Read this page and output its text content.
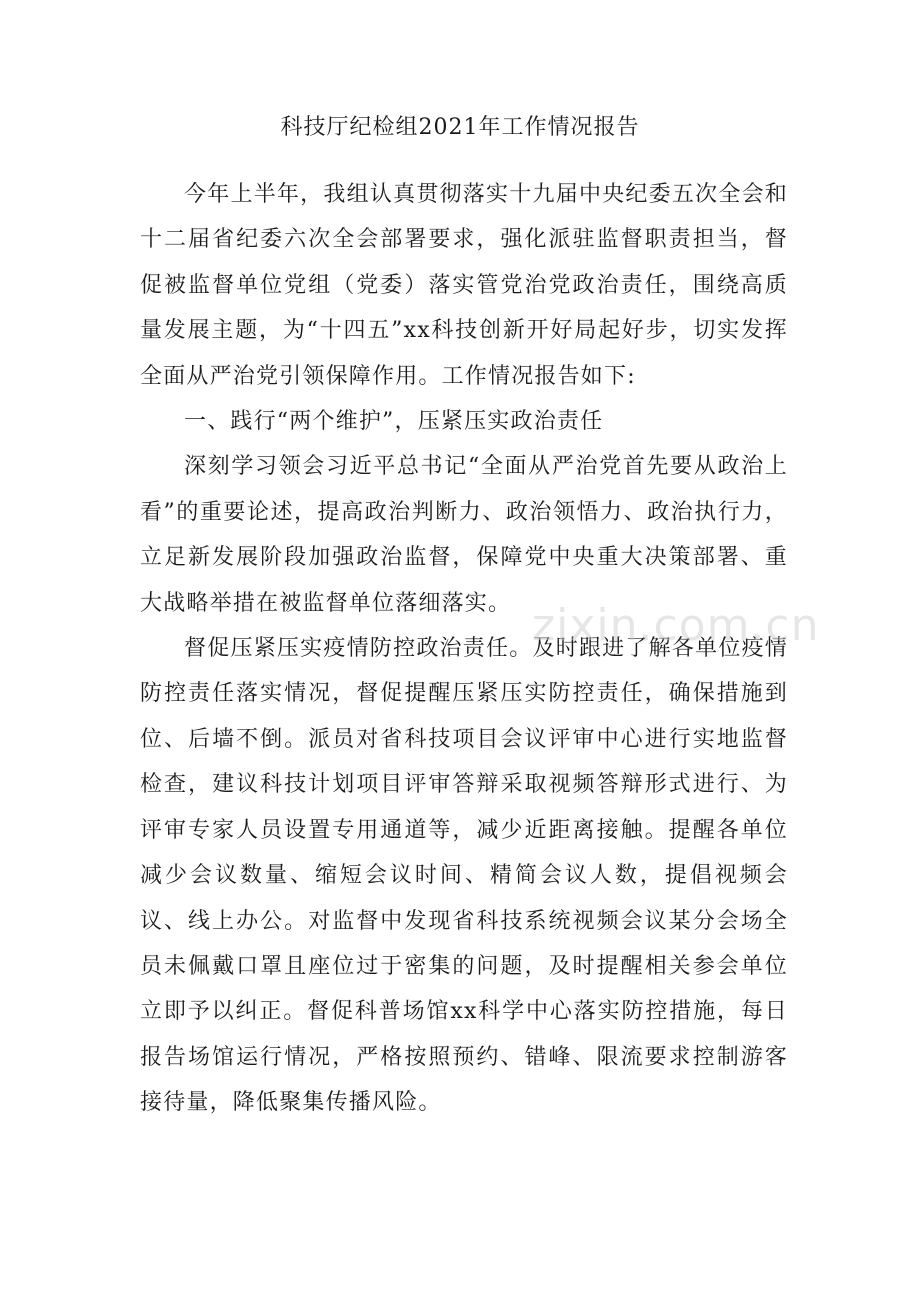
科技厅纪检组2021年工作情况报告

今年上半年，我组认真贯彻落实十九届中央纪委五次全会和十二届省纪委六次全会部署要求，强化派驻监督职责担当，督促被监督单位党组（党委）落实管党治党政治责任，围绕高质量发展主题，为“十四五”xx科技创新开好局起好步，切实发挥全面从严治党引领保障作用。工作情况报告如下:

一、践行“两个维护”，压紧压实政治责任

深刻学习领会习近平总书记“全面从严治党首先要从政治上看”的重要论述，提高政治判断力、政治领悟力、政治执行力，立足新发展阶段加强政治监督，保障党中央重大决策部署、重大战略举措在被监督单位落细落实。

督促压紧压实疫情防控政治责任。及时跟进了解各单位疫情防控责任落实情况，督促提醒压紧压实防控责任，确保措施到位、后墙不倒。派员对省科技项目会议评审中心进行实地监督检查，建议科技计划项目评审答辩采取视频答辩形式进行、为评审专家人员设置专用通道等，减少近距离接触。提醒各单位减少会议数量、缩短会议时间、精简会议人数，提倡视频会议、线上办公。对监督中发现省科技系统视频会议某分会场全员未佩戴口罩且座位过于密集的问题，及时提醒相关参会单位立即予以纠正。督促科普场馆xx科学中心落实防控措施，每日报告场馆运行情况，严格按照预约、错峰、限流要求控制游客接待量，降低聚集传播风险。

zixin.com.cn
